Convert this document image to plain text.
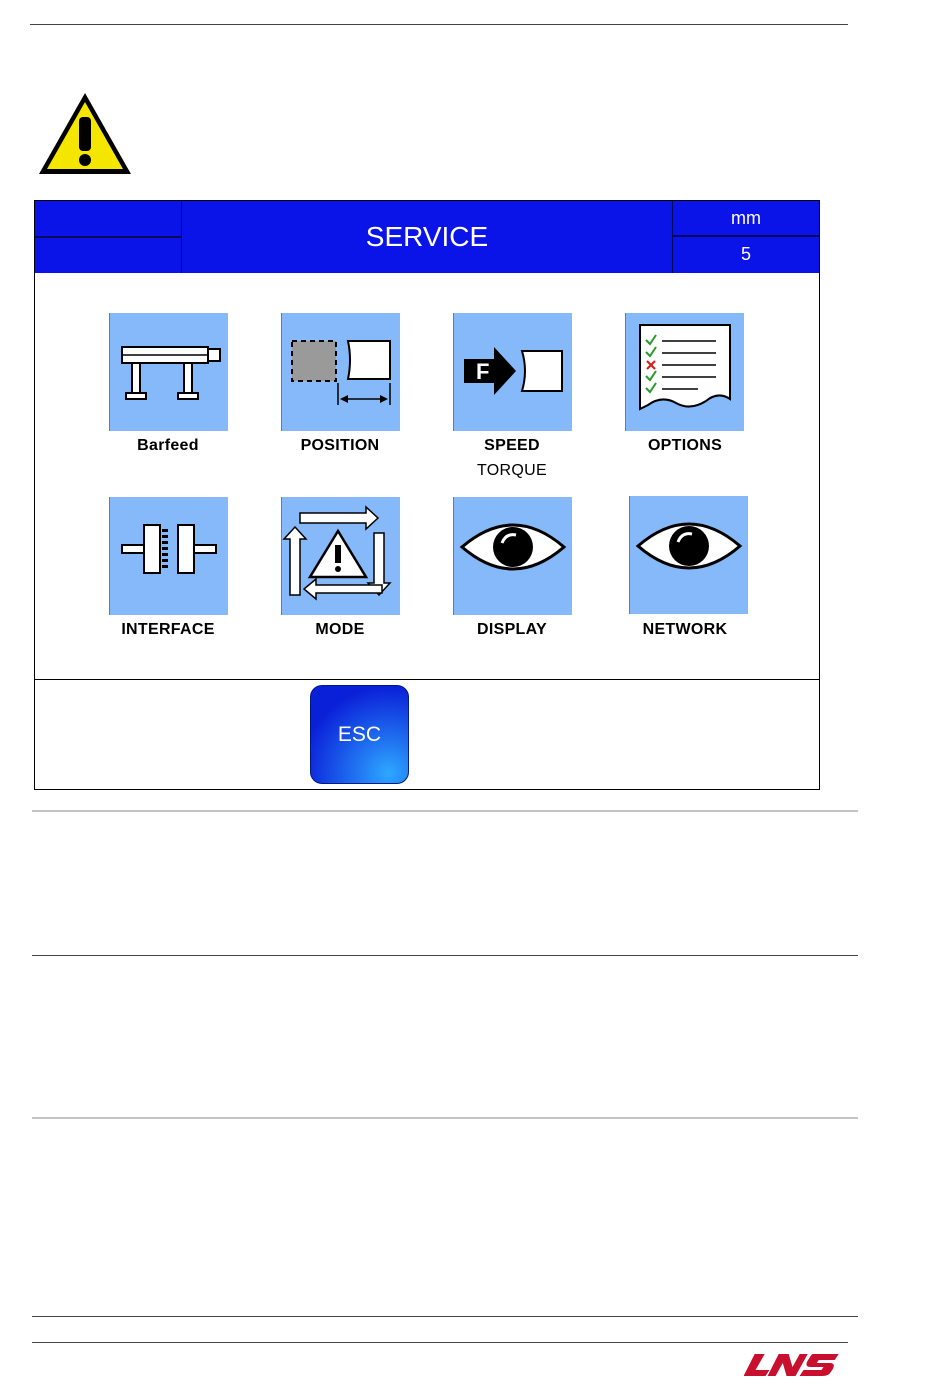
SERVICE
mm
5
Barfeed	POSITION
F
SPEED
TORQUE
OPTIONS
INTERFACE	MODE	DISPLAY	NETWORK
ESC
